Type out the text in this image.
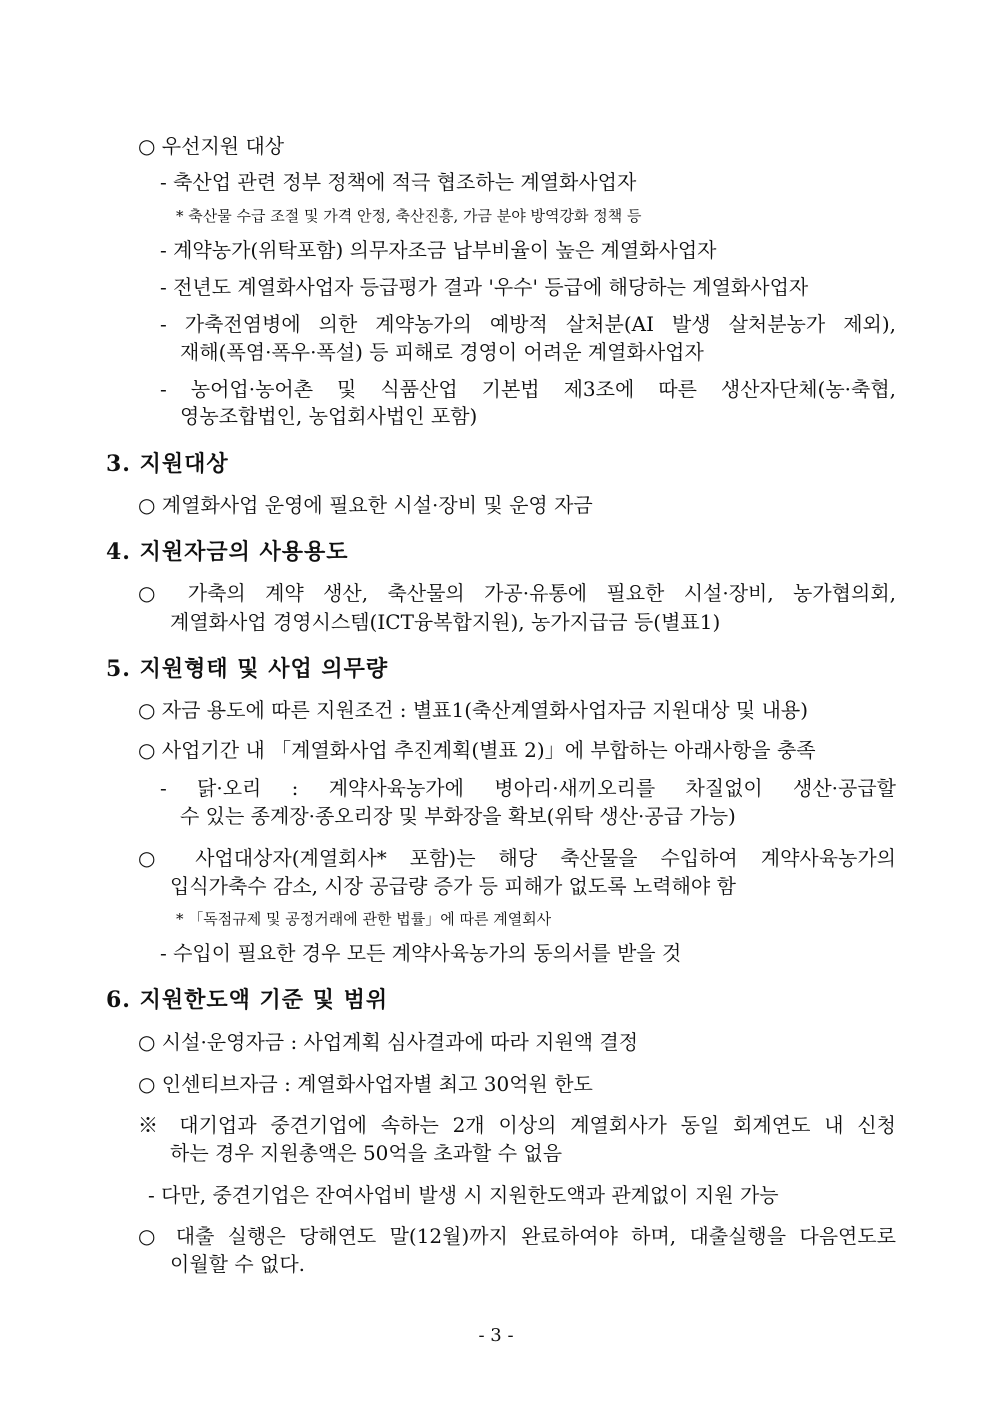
○ 우선지원 대상
- 축산업 관련 정부 정책에 적극 협조하는 계열화사업자
* 축산물 수급 조절 및 가격 안정, 축산진흥, 가금 분야 방역강화 정책 등
- 계약농가(위탁포함) 의무자조금 납부비율이 높은 계열화사업자
- 전년도 계열화사업자 등급평가 결과 '우수' 등급에 해당하는 계열화사업자
- 가축전염병에 의한 계약농가의 예방적 살처분(AI 발생 살처분농가 제외),
재해(폭염·폭우·폭설) 등 피해로 경영이 어려운 계열화사업자
- 농어업·농어촌 및 식품산업 기본법 제3조에 따른 생산자단체(농·축협,
영농조합법인, 농업회사법인 포함)
3. 지원대상
○ 계열화사업 운영에 필요한 시설·장비 및 운영 자금
4. 지원자금의 사용용도
○ 가축의 계약 생산, 축산물의 가공·유통에 필요한 시설·장비, 농가협의회,
계열화사업 경영시스템(ICT융복합지원), 농가지급금 등(별표1)
5. 지원형태 및 사업 의무량
○ 자금 용도에 따른 지원조건 : 별표1(축산계열화사업자금 지원대상 및 내용)
○ 사업기간 내 「계열화사업 추진계획(별표 2)」에 부합하는 아래사항을 충족
- 닭·오리 : 계약사육농가에 병아리·새끼오리를 차질없이 생산·공급할
수 있는 종계장·종오리장 및 부화장을 확보(위탁 생산·공급 가능)
○ 사업대상자(계열회사* 포함)는 해당 축산물을 수입하여 계약사육농가의
입식가축수 감소, 시장 공급량 증가 등 피해가 없도록 노력해야 함
* 「독점규제 및 공정거래에 관한 법률」에 따른 계열회사
- 수입이 필요한 경우 모든 계약사육농가의 동의서를 받을 것
6. 지원한도액 기준 및 범위
○ 시설·운영자금 : 사업계획 심사결과에 따라 지원액 결정
○ 인센티브자금 : 계열화사업자별 최고 30억원 한도
※ 대기업과 중견기업에 속하는 2개 이상의 계열회사가 동일 회계연도 내 신청
하는 경우 지원총액은 50억을 초과할 수 없음
- 다만, 중견기업은 잔여사업비 발생 시 지원한도액과 관계없이 지원 가능
○ 대출 실행은 당해연도 말(12월)까지 완료하여야 하며, 대출실행을 다음연도로
이월할 수 없다.
- 3 -
